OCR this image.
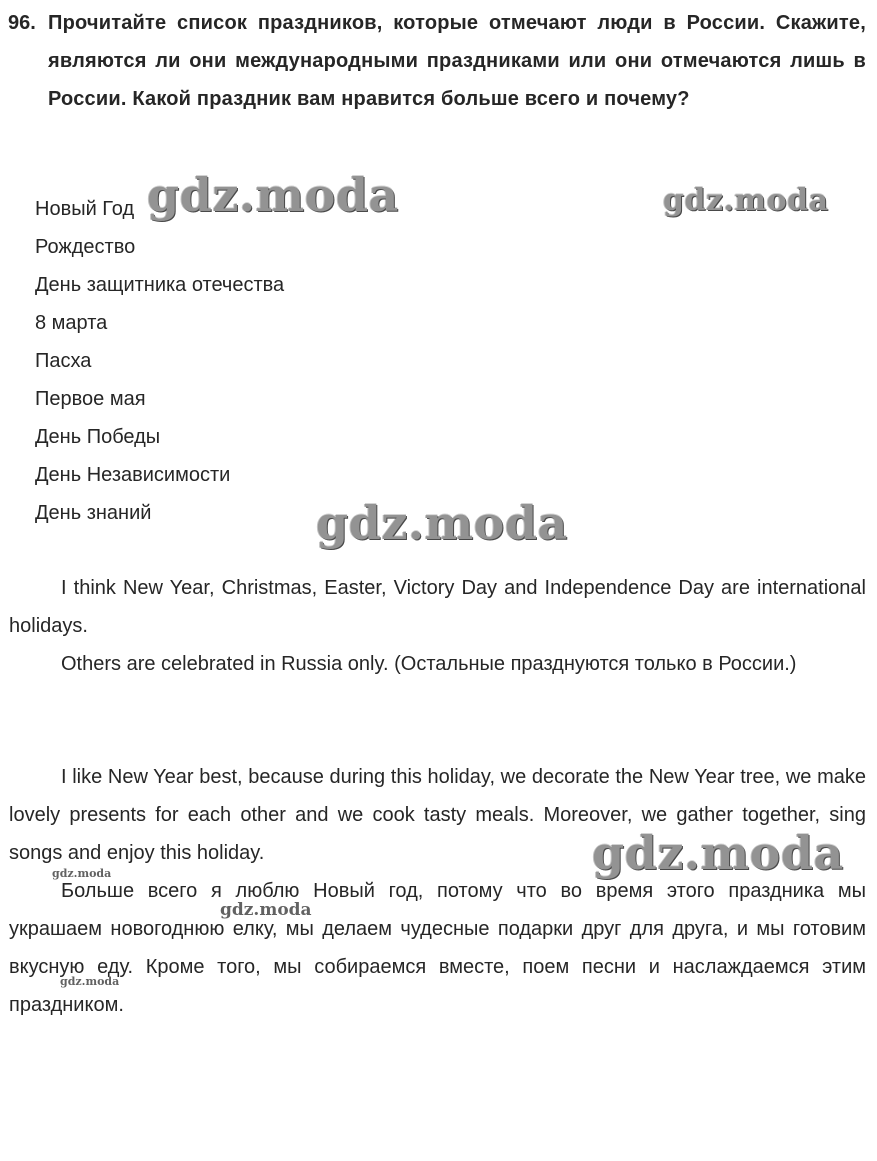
96. Прочитайте список праздников, которые отмечают люди в России. Скажите, являются ли они международными праздниками или они отмечаются лишь в России. Какой праздник вам нравится больше всего и почему?
Новый Год
Рождество
День защитника отечества
8 марта
Пасха
Первое мая
День Победы
День Независимости
День знаний

I think New Year, Christmas, Easter, Victory Day and Independence Day are international holidays.

Others are celebrated in Russia only. (Остальные празднуются только в России.)

I like New Year best, because during this holiday, we decorate the New Year tree, we make lovely presents for each other and we cook tasty meals. Moreover, we gather together, sing songs and enjoy this holiday.

Больше всего я люблю Новый год, потому что во время этого праздника мы украшаем новогоднюю елку, мы делаем чудесные подарки друг для друга, и мы готовим вкусную еду. Кроме того, мы собираемся вместе, поем песни и наслаждаемся этим праздником.

gdz.moda	gdz.moda
gdz.moda
gdz.moda
gdz.moda
gdz.moda
gdz.moda
